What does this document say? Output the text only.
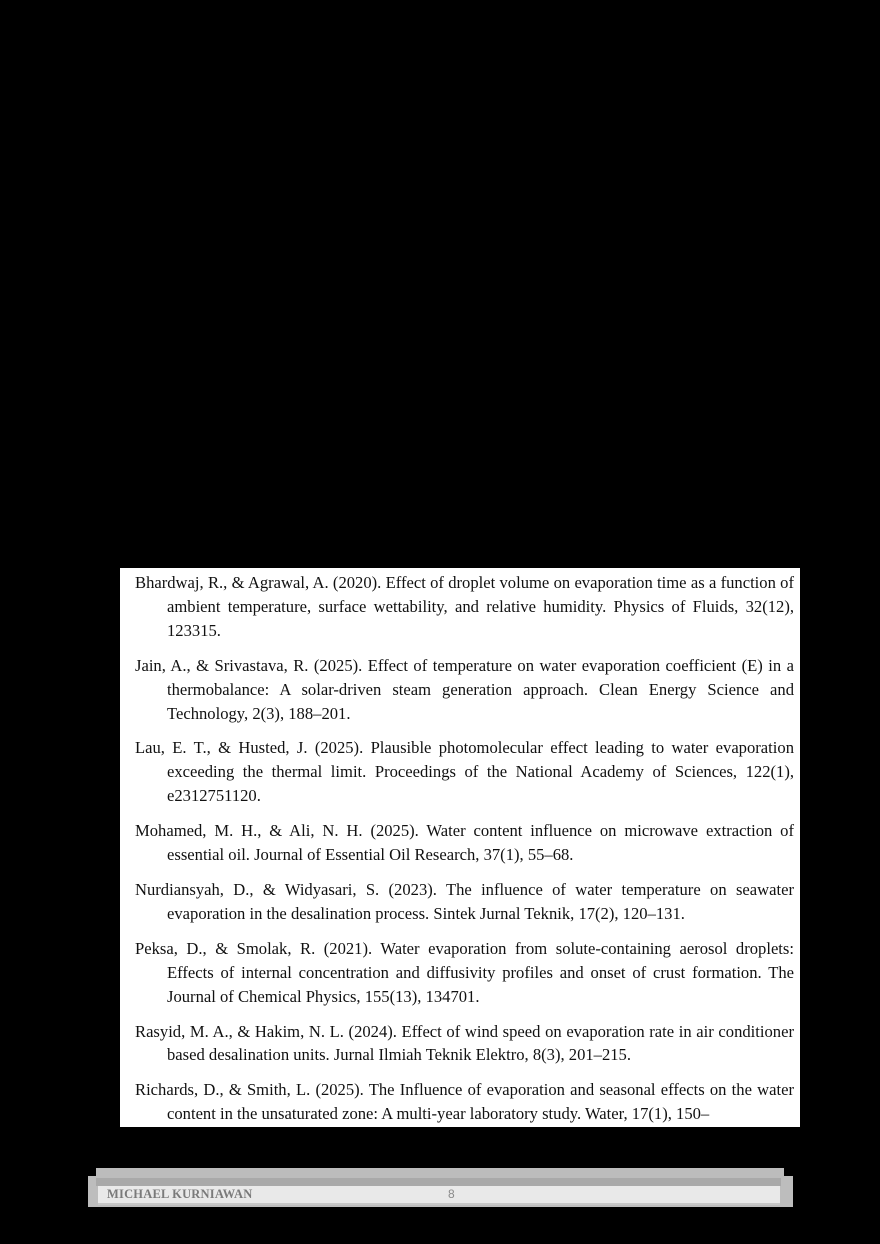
Bhardwaj, R., & Agrawal, A. (2020). Effect of droplet volume on evaporation time as a function of ambient temperature, surface wettability, and relative humidity. Physics of Fluids, 32(12), 123315.
Jain, A., & Srivastava, R. (2025). Effect of temperature on water evaporation coefficient (E) in a thermobalance: A solar-driven steam generation approach. Clean Energy Science and Technology, 2(3), 188–201.
Lau, E. T., & Husted, J. (2025). Plausible photomolecular effect leading to water evaporation exceeding the thermal limit. Proceedings of the National Academy of Sciences, 122(1), e2312751120.
Mohamed, M. H., & Ali, N. H. (2025). Water content influence on microwave extraction of essential oil. Journal of Essential Oil Research, 37(1), 55–68.
Nurdiansyah, D., & Widyasari, S. (2023). The influence of water temperature on seawater evaporation in the desalination process. Sintek Jurnal Teknik, 17(2), 120–131.
Peksa, D., & Smolak, R. (2021). Water evaporation from solute-containing aerosol droplets: Effects of internal concentration and diffusivity profiles and onset of crust formation. The Journal of Chemical Physics, 155(13), 134701.
Rasyid, M. A., & Hakim, N. L. (2024). Effect of wind speed on evaporation rate in air conditioner based desalination units. Jurnal Ilmiah Teknik Elektro, 8(3), 201–215.
Richards, D., & Smith, L. (2025). The Influence of evaporation and seasonal effects on the water content in the unsaturated zone: A multi-year laboratory study. Water, 17(1), 150–
MICHAEL KURNIAWAN	8
